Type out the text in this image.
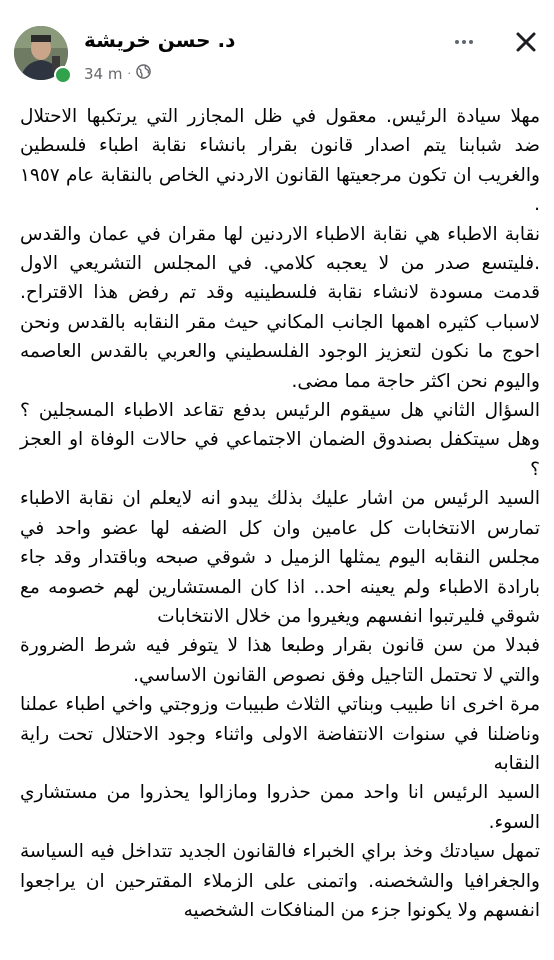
د. حسن خريشة
34 m ·

مهلا سيادة الرئيس. معقول في ظل المجازر التي يرتكبها الاحتلال ضد شبابنا يتم اصدار قانون بقرار بانشاء نقابة اطباء فلسطين والغريب ان تكون مرجعيتها القانون الاردني الخاص بالنقابة عام ١٩٥٧ .

نقابة الاطباء هي نقابة الاطباء الاردنين لها مقران في عمان والقدس .فليتسع صدر من لا يعجبه كلامي. في المجلس التشريعي الاول قدمت مسودة لانشاء نقابة فلسطينيه وقد تم رفض هذا الاقتراح. لاسباب كثيره اهمها الجانب المكاني حيث مقر النقابه بالقدس ونحن احوج ما نكون لتعزيز الوجود الفلسطيني والعربي بالقدس العاصمه واليوم نحن اكثر حاجة مما مضى.

السؤال الثاني هل سيقوم الرئيس بدفع تقاعد الاطباء المسجلين ؟وهل سيتكفل بصندوق الضمان الاجتماعي في حالات الوفاة او العجز ؟

السيد الرئيس من اشار عليك بذلك يبدو انه لايعلم ان نقابة الاطباء تمارس الانتخابات كل عامين وان كل الضفه لها عضو واحد في مجلس النقابه اليوم يمثلها الزميل د شوقي صبحه وباقتدار وقد جاء بارادة الاطباء ولم يعينه احد.. اذا كان المستشارين لهم خصومه مع شوقي فليرتبوا انفسهم ويغيروا من خلال الانتخابات

فبدلا من سن قانون بقرار وطبعا هذا لا يتوفر فيه شرط الضرورة والتي لا تحتمل التاجيل وفق نصوص القانون الاساسي.

مرة اخرى انا طبيب وبناتي الثلاث طبيبات وزوجتي واخي اطباء عملنا وناضلنا في سنوات الانتفاضة الاولى واثناء وجود الاحتلال تحت راية النقابه

السيد الرئيس انا واحد ممن حذروا ومازالوا يحذروا من مستشاري السوء.

تمهل سيادتك وخذ براي الخبراء فالقانون الجديد تتداخل فيه السياسة والجغرافيا والشخصنه. واتمنى على الزملاء المقترحين ان يراجعوا انفسهم ولا يكونوا جزء من المنافكات الشخصيه
